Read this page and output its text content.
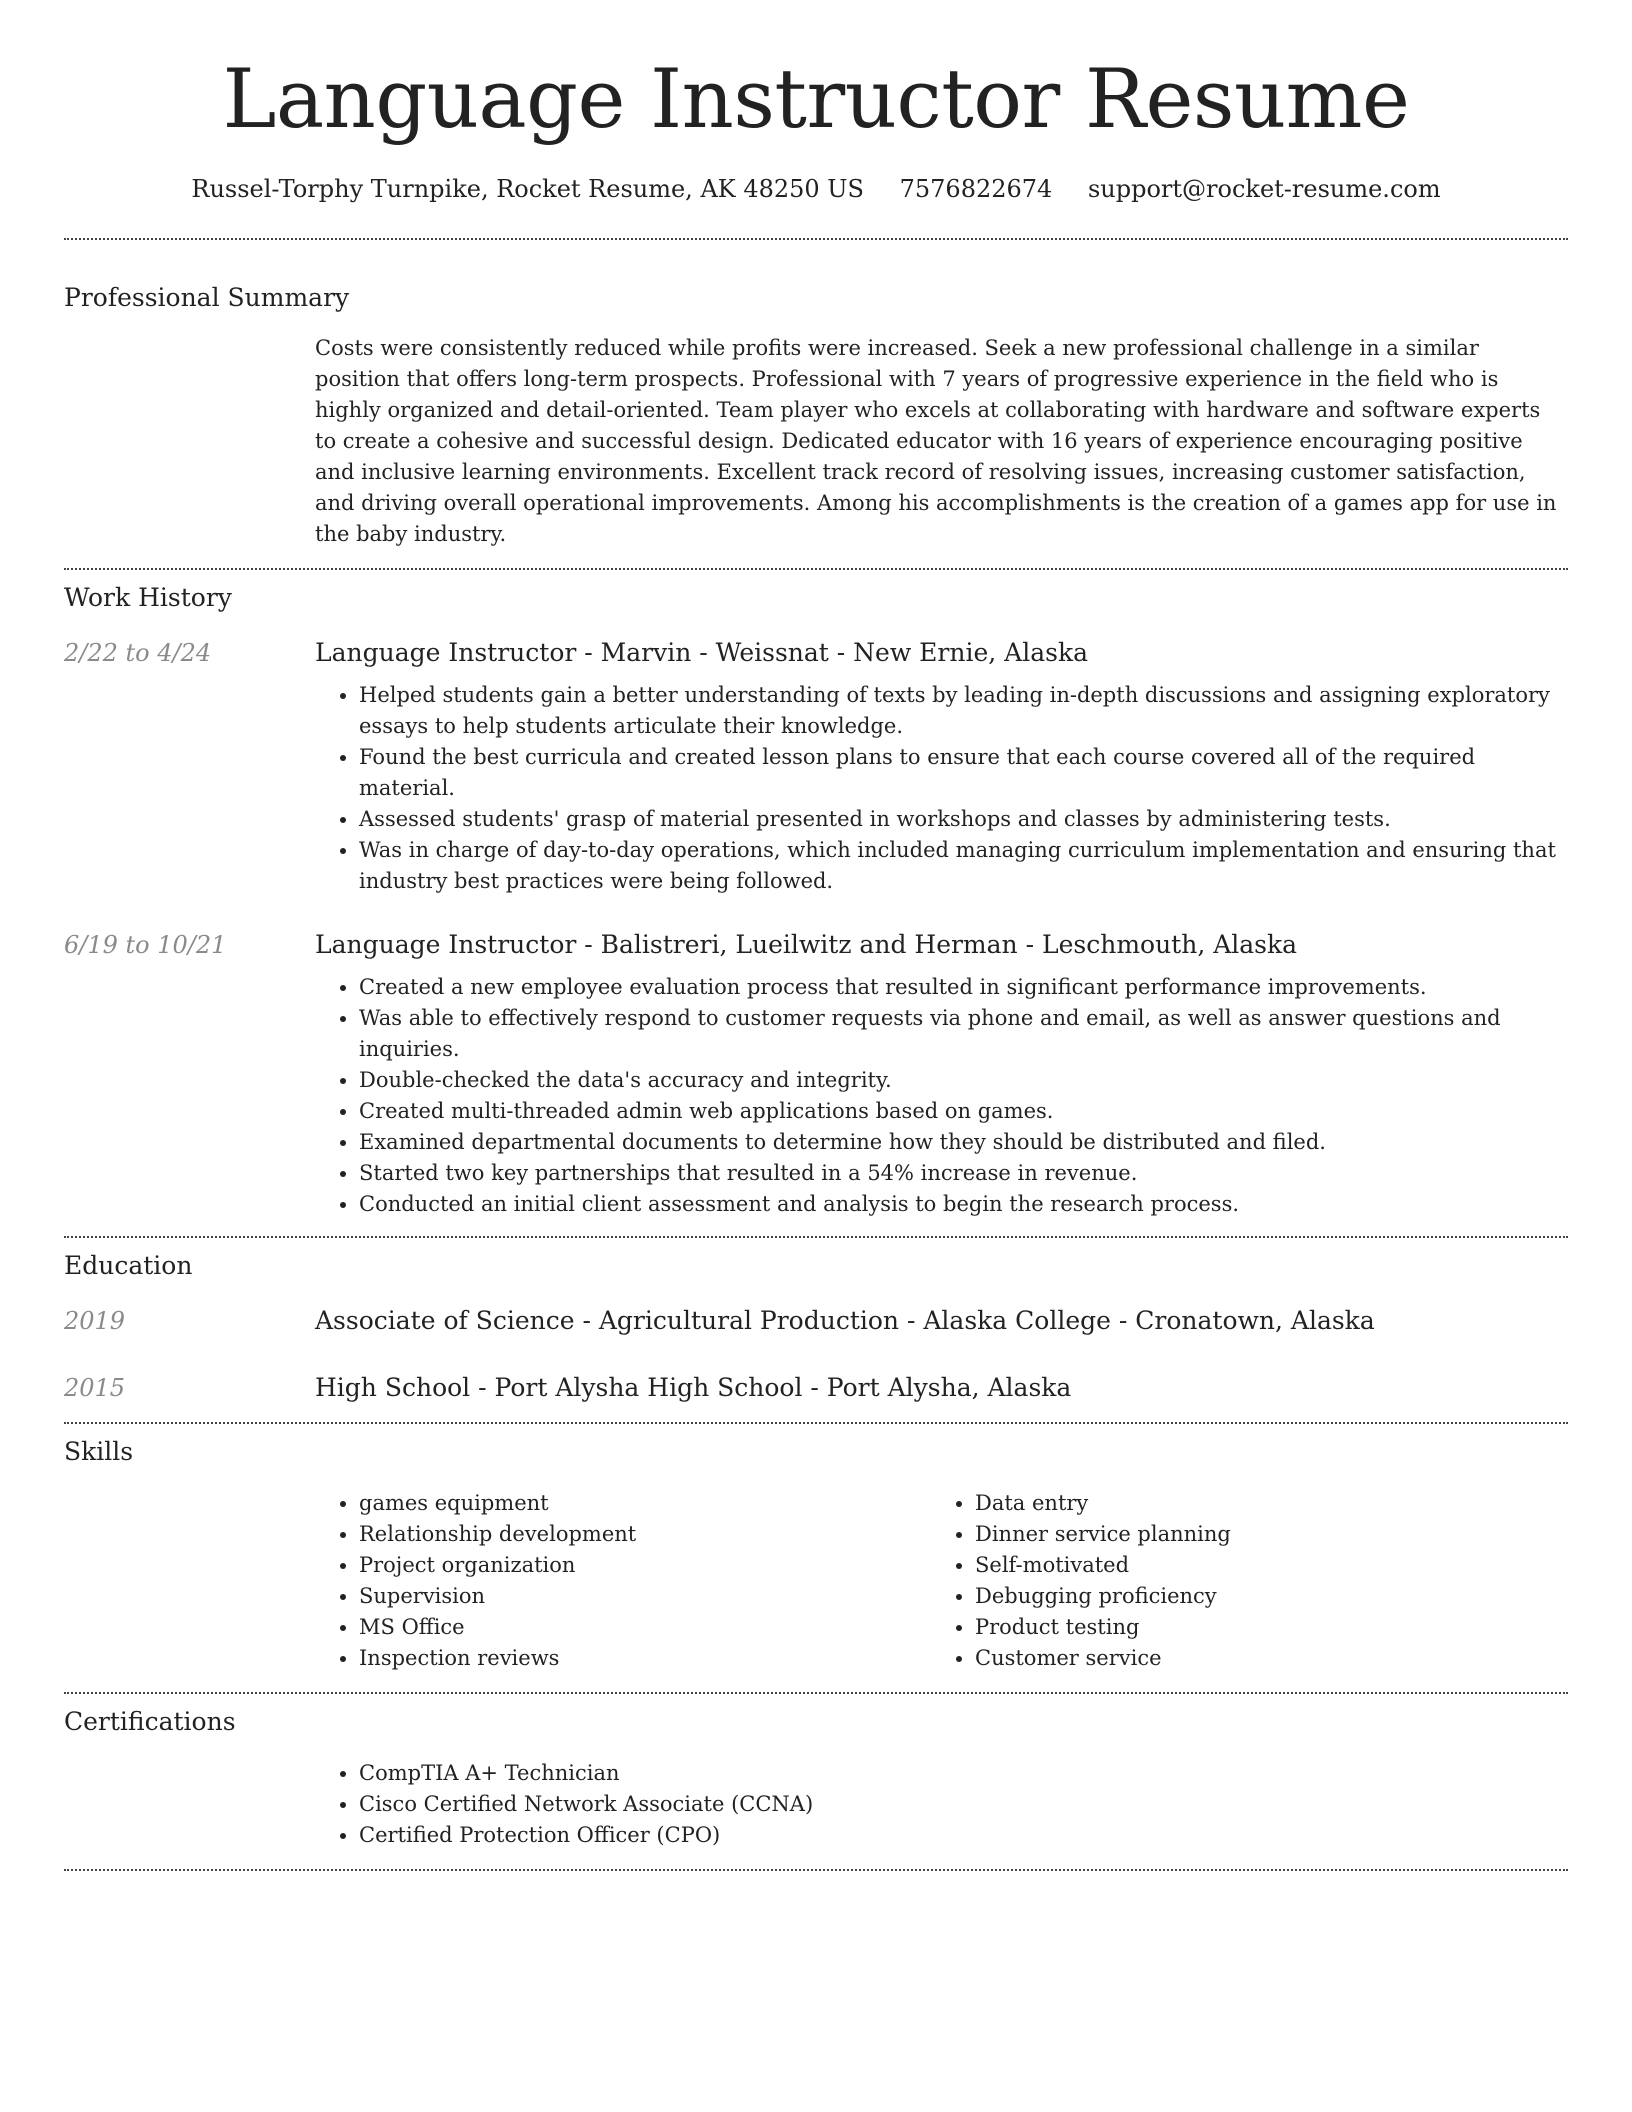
Language Instructor Resume
Russel-Torphy Turnpike, Rocket Resume, AK 48250 US 7576822674 support@rocket-resume.com
Professional Summary
Costs were consistently reduced while profits were increased. Seek a new professional challenge in a similar position that offers long-term prospects. Professional with 7 years of progressive experience in the field who is highly organized and detail-oriented. Team player who excels at collaborating with hardware and software experts to create a cohesive and successful design. Dedicated educator with 16 years of experience encouraging positive and inclusive learning environments. Excellent track record of resolving issues, increasing customer satisfaction, and driving overall operational improvements. Among his accomplishments is the creation of a games app for use in the baby industry.
Work History
2/22 to 4/24	Language Instructor - Marvin - Weissnat - New Ernie, Alaska
• Helped students gain a better understanding of texts by leading in-depth discussions and assigning exploratory essays to help students articulate their knowledge.
• Found the best curricula and created lesson plans to ensure that each course covered all of the required material.
• Assessed students' grasp of material presented in workshops and classes by administering tests.
• Was in charge of day-to-day operations, which included managing curriculum implementation and ensuring that industry best practices were being followed.
6/19 to 10/21	Language Instructor - Balistreri, Lueilwitz and Herman - Leschmouth, Alaska
• Created a new employee evaluation process that resulted in significant performance improvements.
• Was able to effectively respond to customer requests via phone and email, as well as answer questions and inquiries.
• Double-checked the data's accuracy and integrity.
• Created multi-threaded admin web applications based on games.
• Examined departmental documents to determine how they should be distributed and filed.
• Started two key partnerships that resulted in a 54% increase in revenue.
• Conducted an initial client assessment and analysis to begin the research process.
Education
2019	Associate of Science - Agricultural Production - Alaska College - Cronatown, Alaska
2015	High School - Port Alysha High School - Port Alysha, Alaska
Skills
• games equipment
• Relationship development
• Project organization
• Supervision
• MS Office
• Inspection reviews
• Data entry
• Dinner service planning
• Self-motivated
• Debugging proficiency
• Product testing
• Customer service
Certifications
• CompTIA A+ Technician
• Cisco Certified Network Associate (CCNA)
• Certified Protection Officer (CPO)
